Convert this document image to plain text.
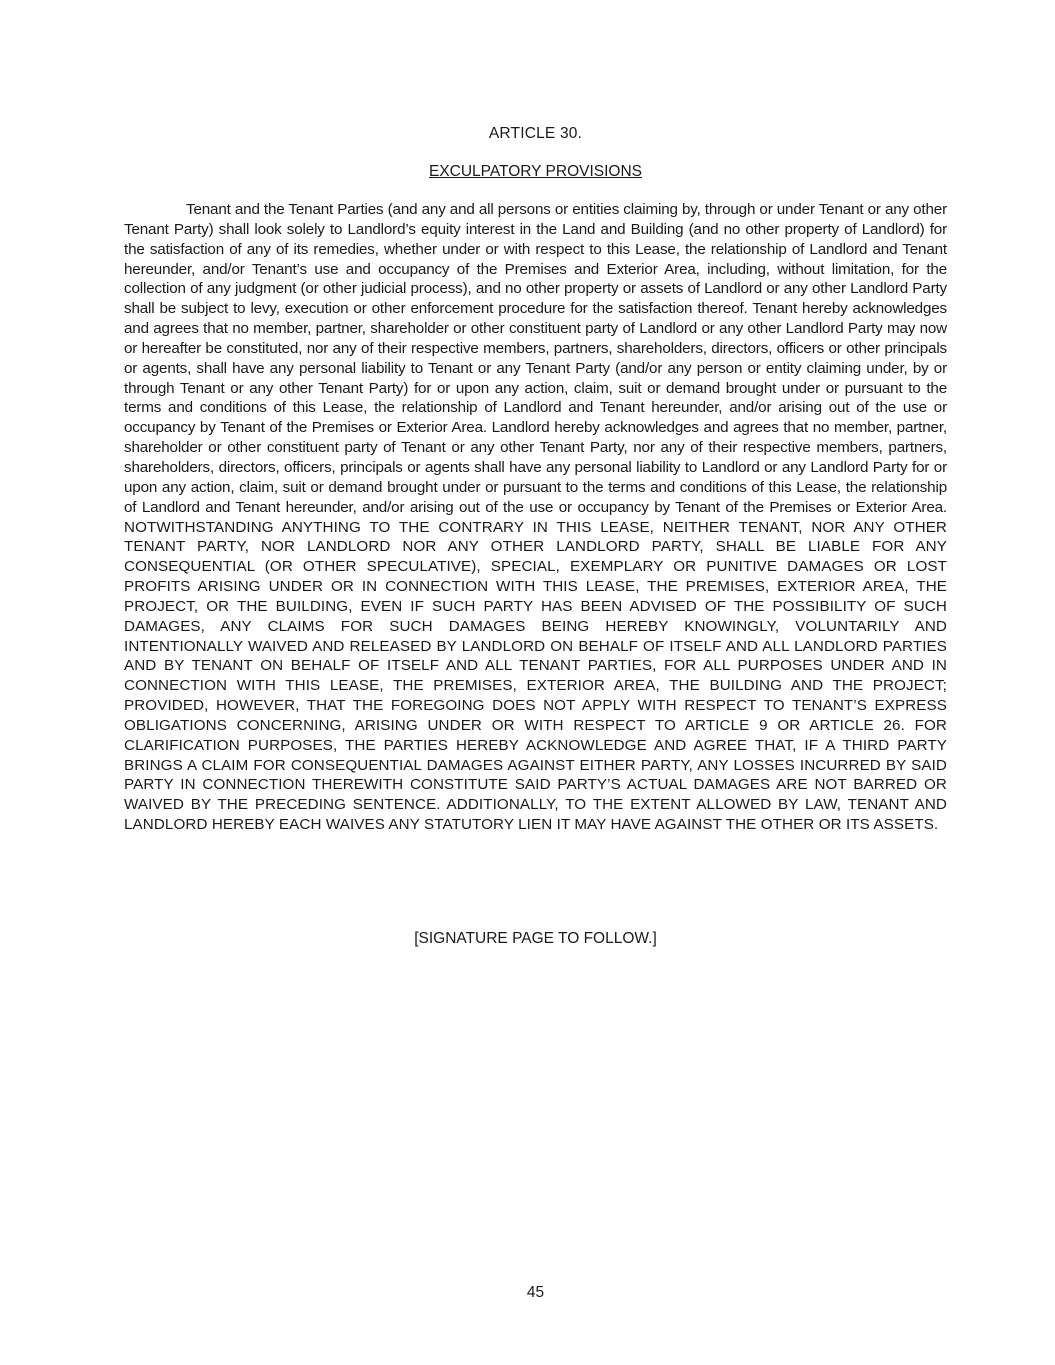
ARTICLE 30.
EXCULPATORY PROVISIONS

Tenant and the Tenant Parties (and any and all persons or entities claiming by, through or under Tenant or any other Tenant Party) shall look solely to Landlord’s equity interest in the Land and Building (and no other property of Landlord) for the satisfaction of any of its remedies, whether under or with respect to this Lease, the relationship of Landlord and Tenant hereunder, and/or Tenant’s use and occupancy of the Premises and Exterior Area, including, without limitation, for the collection of any judgment (or other judicial process), and no other property or assets of Landlord or any other Landlord Party shall be subject to levy, execution or other enforcement procedure for the satisfaction thereof. Tenant hereby acknowledges and agrees that no member, partner, shareholder or other constituent party of Landlord or any other Landlord Party may now or hereafter be constituted, nor any of their respective members, partners, shareholders, directors, officers or other principals or agents, shall have any personal liability to Tenant or any Tenant Party (and/or any person or entity claiming under, by or through Tenant or any other Tenant Party) for or upon any action, claim, suit or demand brought under or pursuant to the terms and conditions of this Lease, the relationship of Landlord and Tenant hereunder, and/or arising out of the use or occupancy by Tenant of the Premises or Exterior Area. Landlord hereby acknowledges and agrees that no member, partner, shareholder or other constituent party of Tenant or any other Tenant Party, nor any of their respective members, partners, shareholders, directors, officers, principals or agents shall have any personal liability to Landlord or any Landlord Party for or upon any action, claim, suit or demand brought under or pursuant to the terms and conditions of this Lease, the relationship of Landlord and Tenant hereunder, and/or arising out of the use or occupancy by Tenant of the Premises or Exterior Area. NOTWITHSTANDING ANYTHING TO THE CONTRARY IN THIS LEASE, NEITHER TENANT, NOR ANY OTHER TENANT PARTY, NOR LANDLORD NOR ANY OTHER LANDLORD PARTY, SHALL BE LIABLE FOR ANY CONSEQUENTIAL (OR OTHER SPECULATIVE), SPECIAL, EXEMPLARY OR PUNITIVE DAMAGES OR LOST PROFITS ARISING UNDER OR IN CONNECTION WITH THIS LEASE, THE PREMISES, EXTERIOR AREA, THE PROJECT, OR THE BUILDING, EVEN IF SUCH PARTY HAS BEEN ADVISED OF THE POSSIBILITY OF SUCH DAMAGES, ANY CLAIMS FOR SUCH DAMAGES BEING HEREBY KNOWINGLY, VOLUNTARILY AND INTENTIONALLY WAIVED AND RELEASED BY LANDLORD ON BEHALF OF ITSELF AND ALL LANDLORD PARTIES AND BY TENANT ON BEHALF OF ITSELF AND ALL TENANT PARTIES, FOR ALL PURPOSES UNDER AND IN CONNECTION WITH THIS LEASE, THE PREMISES, EXTERIOR AREA, THE BUILDING AND THE PROJECT; PROVIDED, HOWEVER, THAT THE FOREGOING DOES NOT APPLY WITH RESPECT TO TENANT’S EXPRESS OBLIGATIONS CONCERNING, ARISING UNDER OR WITH RESPECT TO ARTICLE 9 OR ARTICLE 26. FOR CLARIFICATION PURPOSES, THE PARTIES HEREBY ACKNOWLEDGE AND AGREE THAT, IF A THIRD PARTY BRINGS A CLAIM FOR CONSEQUENTIAL DAMAGES AGAINST EITHER PARTY, ANY LOSSES INCURRED BY SAID PARTY IN CONNECTION THEREWITH CONSTITUTE SAID PARTY’S ACTUAL DAMAGES ARE NOT BARRED OR WAIVED BY THE PRECEDING SENTENCE. ADDITIONALLY, TO THE EXTENT ALLOWED BY LAW, TENANT AND LANDLORD HEREBY EACH WAIVES ANY STATUTORY LIEN IT MAY HAVE AGAINST THE OTHER OR ITS ASSETS.

[SIGNATURE PAGE TO FOLLOW.]

45
